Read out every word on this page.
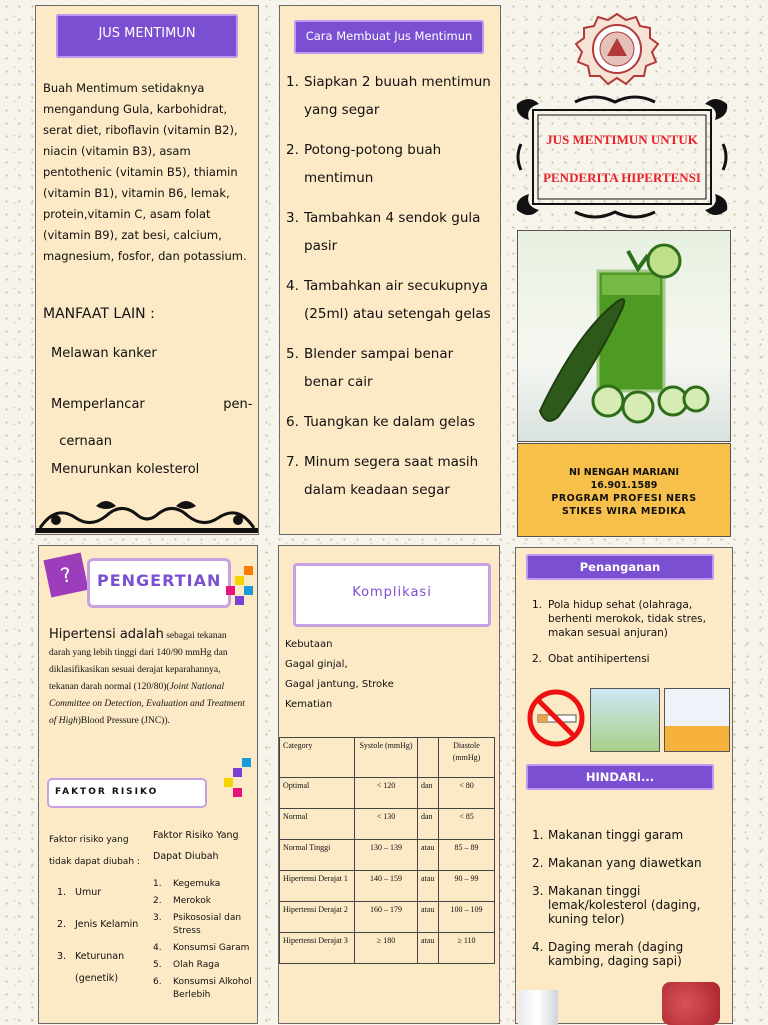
JUS MENTIMUN

Buah Mentimum setidaknya mengandung Gula, karbohidrat, serat diet, riboflavin (vitamin B2), niacin (vitamin B3), asam pentothenic (vitamin B5), thiamin (vitamin B1), vitamin B6, lemak, protein,vitamin C, asam folat (vitamin B9), zat besi, calcium, magnesium, fosfor, dan potassium.

MANFAAT LAIN :

Melawan kanker

Memperlancar                   pen-
cernaan

Menurunkan kolesterol

Cara Membuat Jus Mentimun
1. Siapkan 2 buuah mentimun yang segar
2. Potong-potong buah mentimun
3. Tambahkan 4 sendok gula pasir
4. Tambahkan air secukupnya (25ml) atau setengah gelas
5. Blender sampai benar benar cair
6. Tuangkan ke dalam gelas
7. Minum segera saat masih dalam keadaan segar

JUS MENTIMUN UNTUK

PENDERITA HIPERTENSI

NI NENGAH MARIANI
16.901.1589
PROGRAM PROFESI NERS
STIKES WIRA MEDIKA
?	PENGERTIAN

Hipertensi adalah sebagai tekanan darah yang lebih tinggi dari 140/90 mmHg dan diklasifikasikan sesuai derajat keparahannya, tekanan darah normal (120/80)(Joint National Committee on Detection, Evaluation and Treatment of High)Blood Pressure (JNC)).

FAKTOR RISIKO

Faktor risiko yang tidak dapat diubah :

1. Umur
2. Jenis Kelamin
3. Keturunan (genetik)

Faktor Risiko Yang Dapat Diubah

1.	Kegemuka
2.	Merokok
3.	Psikososial dan Stress
4.	Konsumsi Garam
5.	Olah Raga
6.	Konsumsi Alkohol Berlebih
Komplikasi
Kebutaan
Gagal ginjal,
Gagal jantung, Stroke
Kematian
Category	Systole (mmHg)		Diastole (mmHg)
Optimal	< 120	dan	< 80
Normal	< 130	dan	< 85
Normal Tinggi	130 – 139	atau	85 – 89
Hipertensi Derajat 1	140 – 159	atau	90 – 99
Hipertensi Derajat 2	160 – 179	atau	100 – 109
Hipertensi Derajat 3	≥ 180	atau	≥ 110
Penanganan
1. Pola hidup sehat (olahraga, berhenti merokok, tidak stres, makan sesuai anjuran)
2. Obat antihipertensi
HINDARI...
1. Makanan tinggi garam
2. Makanan yang diawetkan
3. Makanan tinggi lemak/kolesterol (daging, kuning telor)
4. Daging merah (daging kambing, daging sapi)
